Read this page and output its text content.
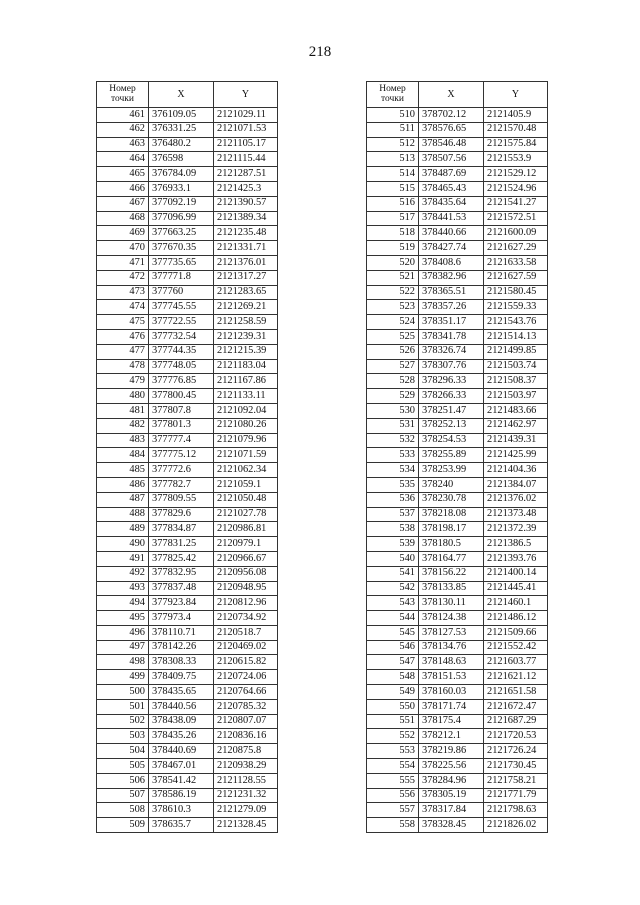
218
Номер
точки	X	Y
461	376109.05	2121029.11
462	376331.25	2121071.53
463	376480.2	2121105.17
464	376598	2121115.44
465	376784.09	2121287.51
466	376933.1	2121425.3
467	377092.19	2121390.57
468	377096.99	2121389.34
469	377663.25	2121235.48
470	377670.35	2121331.71
471	377735.65	2121376.01
472	377771.8	2121317.27
473	377760	2121283.65
474	377745.55	2121269.21
475	377722.55	2121258.59
476	377732.54	2121239.31
477	377744.35	2121215.39
478	377748.05	2121183.04
479	377776.85	2121167.86
480	377800.45	2121133.11
481	377807.8	2121092.04
482	377801.3	2121080.26
483	377777.4	2121079.96
484	377775.12	2121071.59
485	377772.6	2121062.34
486	377782.7	2121059.1
487	377809.55	2121050.48
488	377829.6	2121027.78
489	377834.87	2120986.81
490	377831.25	2120979.1
491	377825.42	2120966.67
492	377832.95	2120956.08
493	377837.48	2120948.95
494	377923.84	2120812.96
495	377973.4	2120734.92
496	378110.71	2120518.7
497	378142.26	2120469.02
498	378308.33	2120615.82
499	378409.75	2120724.06
500	378435.65	2120764.66
501	378440.56	2120785.32
502	378438.09	2120807.07
503	378435.26	2120836.16
504	378440.69	2120875.8
505	378467.01	2120938.29
506	378541.42	2121128.55
507	378586.19	2121231.32
508	378610.3	2121279.09
509	378635.7	2121328.45
Номер
точки	X	Y
510	378702.12	2121405.9
511	378576.65	2121570.48
512	378546.48	2121575.84
513	378507.56	2121553.9
514	378487.69	2121529.12
515	378465.43	2121524.96
516	378435.64	2121541.27
517	378441.53	2121572.51
518	378440.66	2121600.09
519	378427.74	2121627.29
520	378408.6	2121633.58
521	378382.96	2121627.59
522	378365.51	2121580.45
523	378357.26	2121559.33
524	378351.17	2121543.76
525	378341.78	2121514.13
526	378326.74	2121499.85
527	378307.76	2121503.74
528	378296.33	2121508.37
529	378266.33	2121503.97
530	378251.47	2121483.66
531	378252.13	2121462.97
532	378254.53	2121439.31
533	378255.89	2121425.99
534	378253.99	2121404.36
535	378240	2121384.07
536	378230.78	2121376.02
537	378218.08	2121373.48
538	378198.17	2121372.39
539	378180.5	2121386.5
540	378164.77	2121393.76
541	378156.22	2121400.14
542	378133.85	2121445.41
543	378130.11	2121460.1
544	378124.38	2121486.12
545	378127.53	2121509.66
546	378134.76	2121552.42
547	378148.63	2121603.77
548	378151.53	2121621.12
549	378160.03	2121651.58
550	378171.74	2121672.47
551	378175.4	2121687.29
552	378212.1	2121720.53
553	378219.86	2121726.24
554	378225.56	2121730.45
555	378284.96	2121758.21
556	378305.19	2121771.79
557	378317.84	2121798.63
558	378328.45	2121826.02
